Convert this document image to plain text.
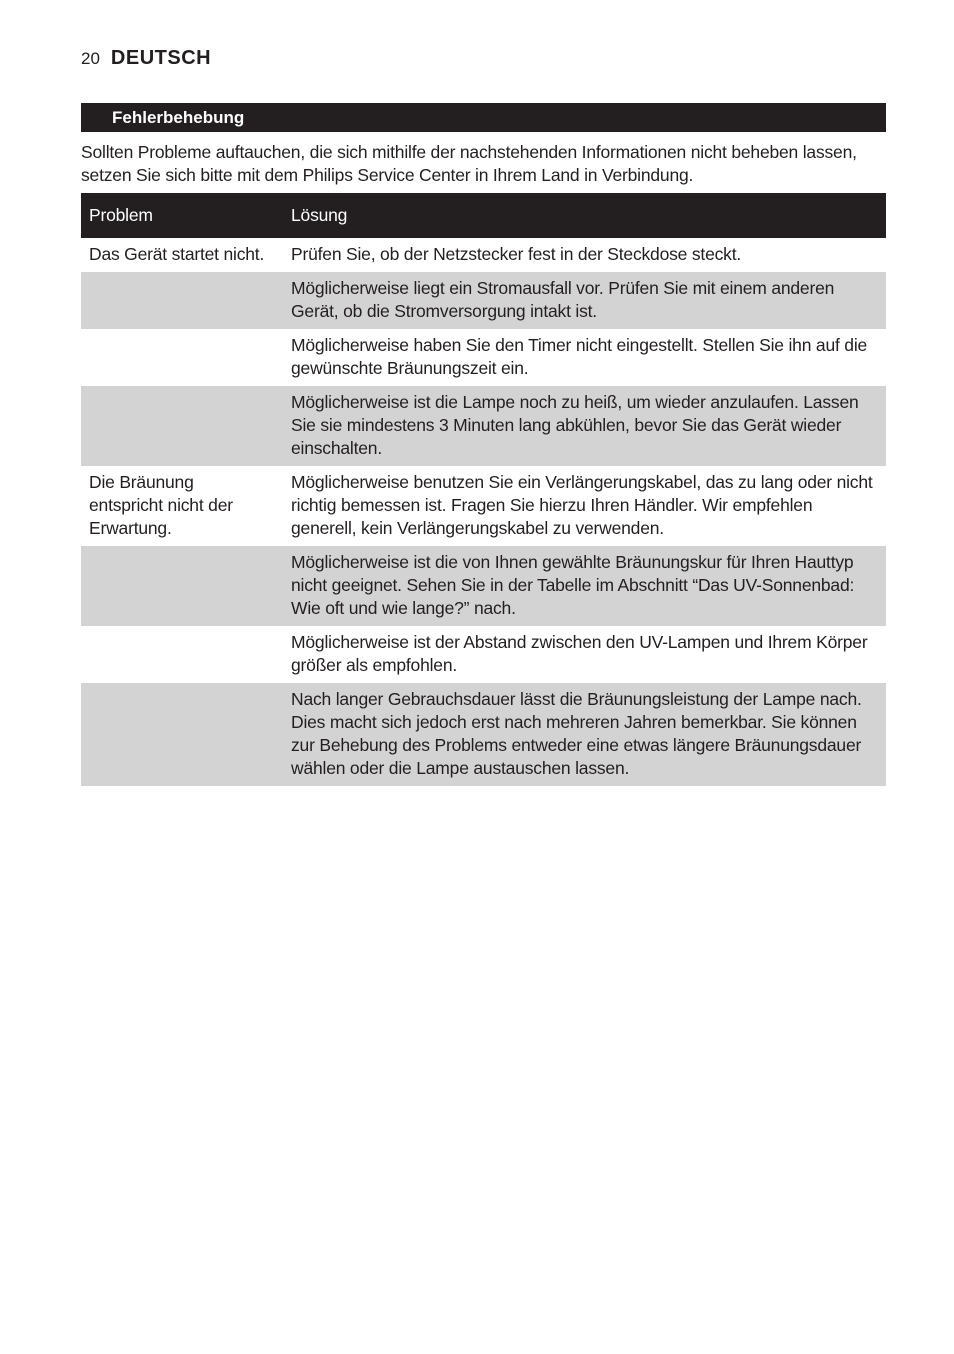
20 DEUTSCH
Fehlerbehebung

Sollten Probleme auftauchen, die sich mithilfe der nachstehenden Informationen nicht beheben lassen, setzen Sie sich bitte mit dem Philips Service Center in Ihrem Land in Verbindung.

Problem	Lösung
Das Gerät startet nicht.	Prüfen Sie, ob der Netzstecker fest in der Steckdose steckt.
	Möglicherweise liegt ein Stromausfall vor. Prüfen Sie mit einem anderen Gerät, ob die Stromversorgung intakt ist.
	Möglicherweise haben Sie den Timer nicht eingestellt. Stellen Sie ihn auf die gewünschte Bräunungszeit ein.
	Möglicherweise ist die Lampe noch zu heiß, um wieder anzulaufen. Lassen Sie sie mindestens 3 Minuten lang abkühlen, bevor Sie das Gerät wieder einschalten.
Die Bräunung entspricht nicht der Erwartung.	Möglicherweise benutzen Sie ein Verlängerungskabel, das zu lang oder nicht richtig bemessen ist. Fragen Sie hierzu Ihren Händler. Wir empfehlen generell, kein Verlängerungskabel zu verwenden.
	Möglicherweise ist die von Ihnen gewählte Bräunungskur für Ihren Hauttyp nicht geeignet. Sehen Sie in der Tabelle im Abschnitt “Das UV-Sonnenbad: Wie oft und wie lange?” nach.
	Möglicherweise ist der Abstand zwischen den UV-Lampen und Ihrem Körper größer als empfohlen.
	Nach langer Gebrauchsdauer lässt die Bräunungsleistung der Lampe nach. Dies macht sich jedoch erst nach mehreren Jahren bemerkbar. Sie können zur Behebung des Problems entweder eine etwas längere Bräunungsdauer wählen oder die Lampe austauschen lassen.
